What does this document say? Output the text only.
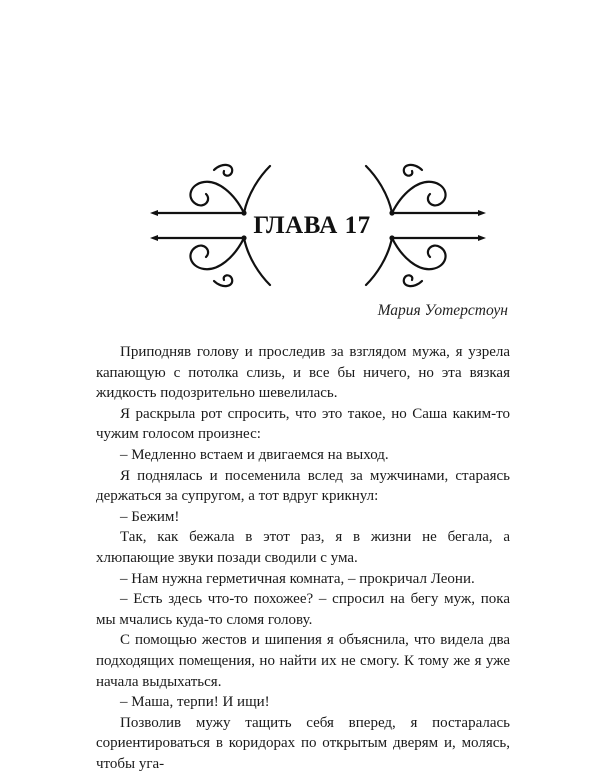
ГЛАВА 17
Мария Уотерстоун

Приподняв голову и проследив за взглядом мужа, я узрела капающую с потолка слизь, и все бы ничего, но эта вязкая жидкость подозрительно шевелилась.

Я раскрыла рот спросить, что это такое, но Саша каким-то чужим голосом произнес:

– Медленно встаем и двигаемся на выход.

Я поднялась и посеменила вслед за мужчинами, стараясь держаться за супругом, а тот вдруг крикнул:

– Бежим!

Так, как бежала в этот раз, я в жизни не бегала, а хлюпающие звуки позади сводили с ума.

– Нам нужна герметичная комната, – прокричал Леони.

– Есть здесь что-то похожее? – спросил на бегу муж, пока мы мчались куда-то сломя голову.

С помощью жестов и шипения я объяснила, что видела два подходящих помещения, но найти их не смогу. К тому же я уже начала выдыхаться.

– Маша, терпи! И ищи!

Позволив мужу тащить себя вперед, я постаралась сориентироваться в коридорах по открытым дверям и, молясь, чтобы уга-
